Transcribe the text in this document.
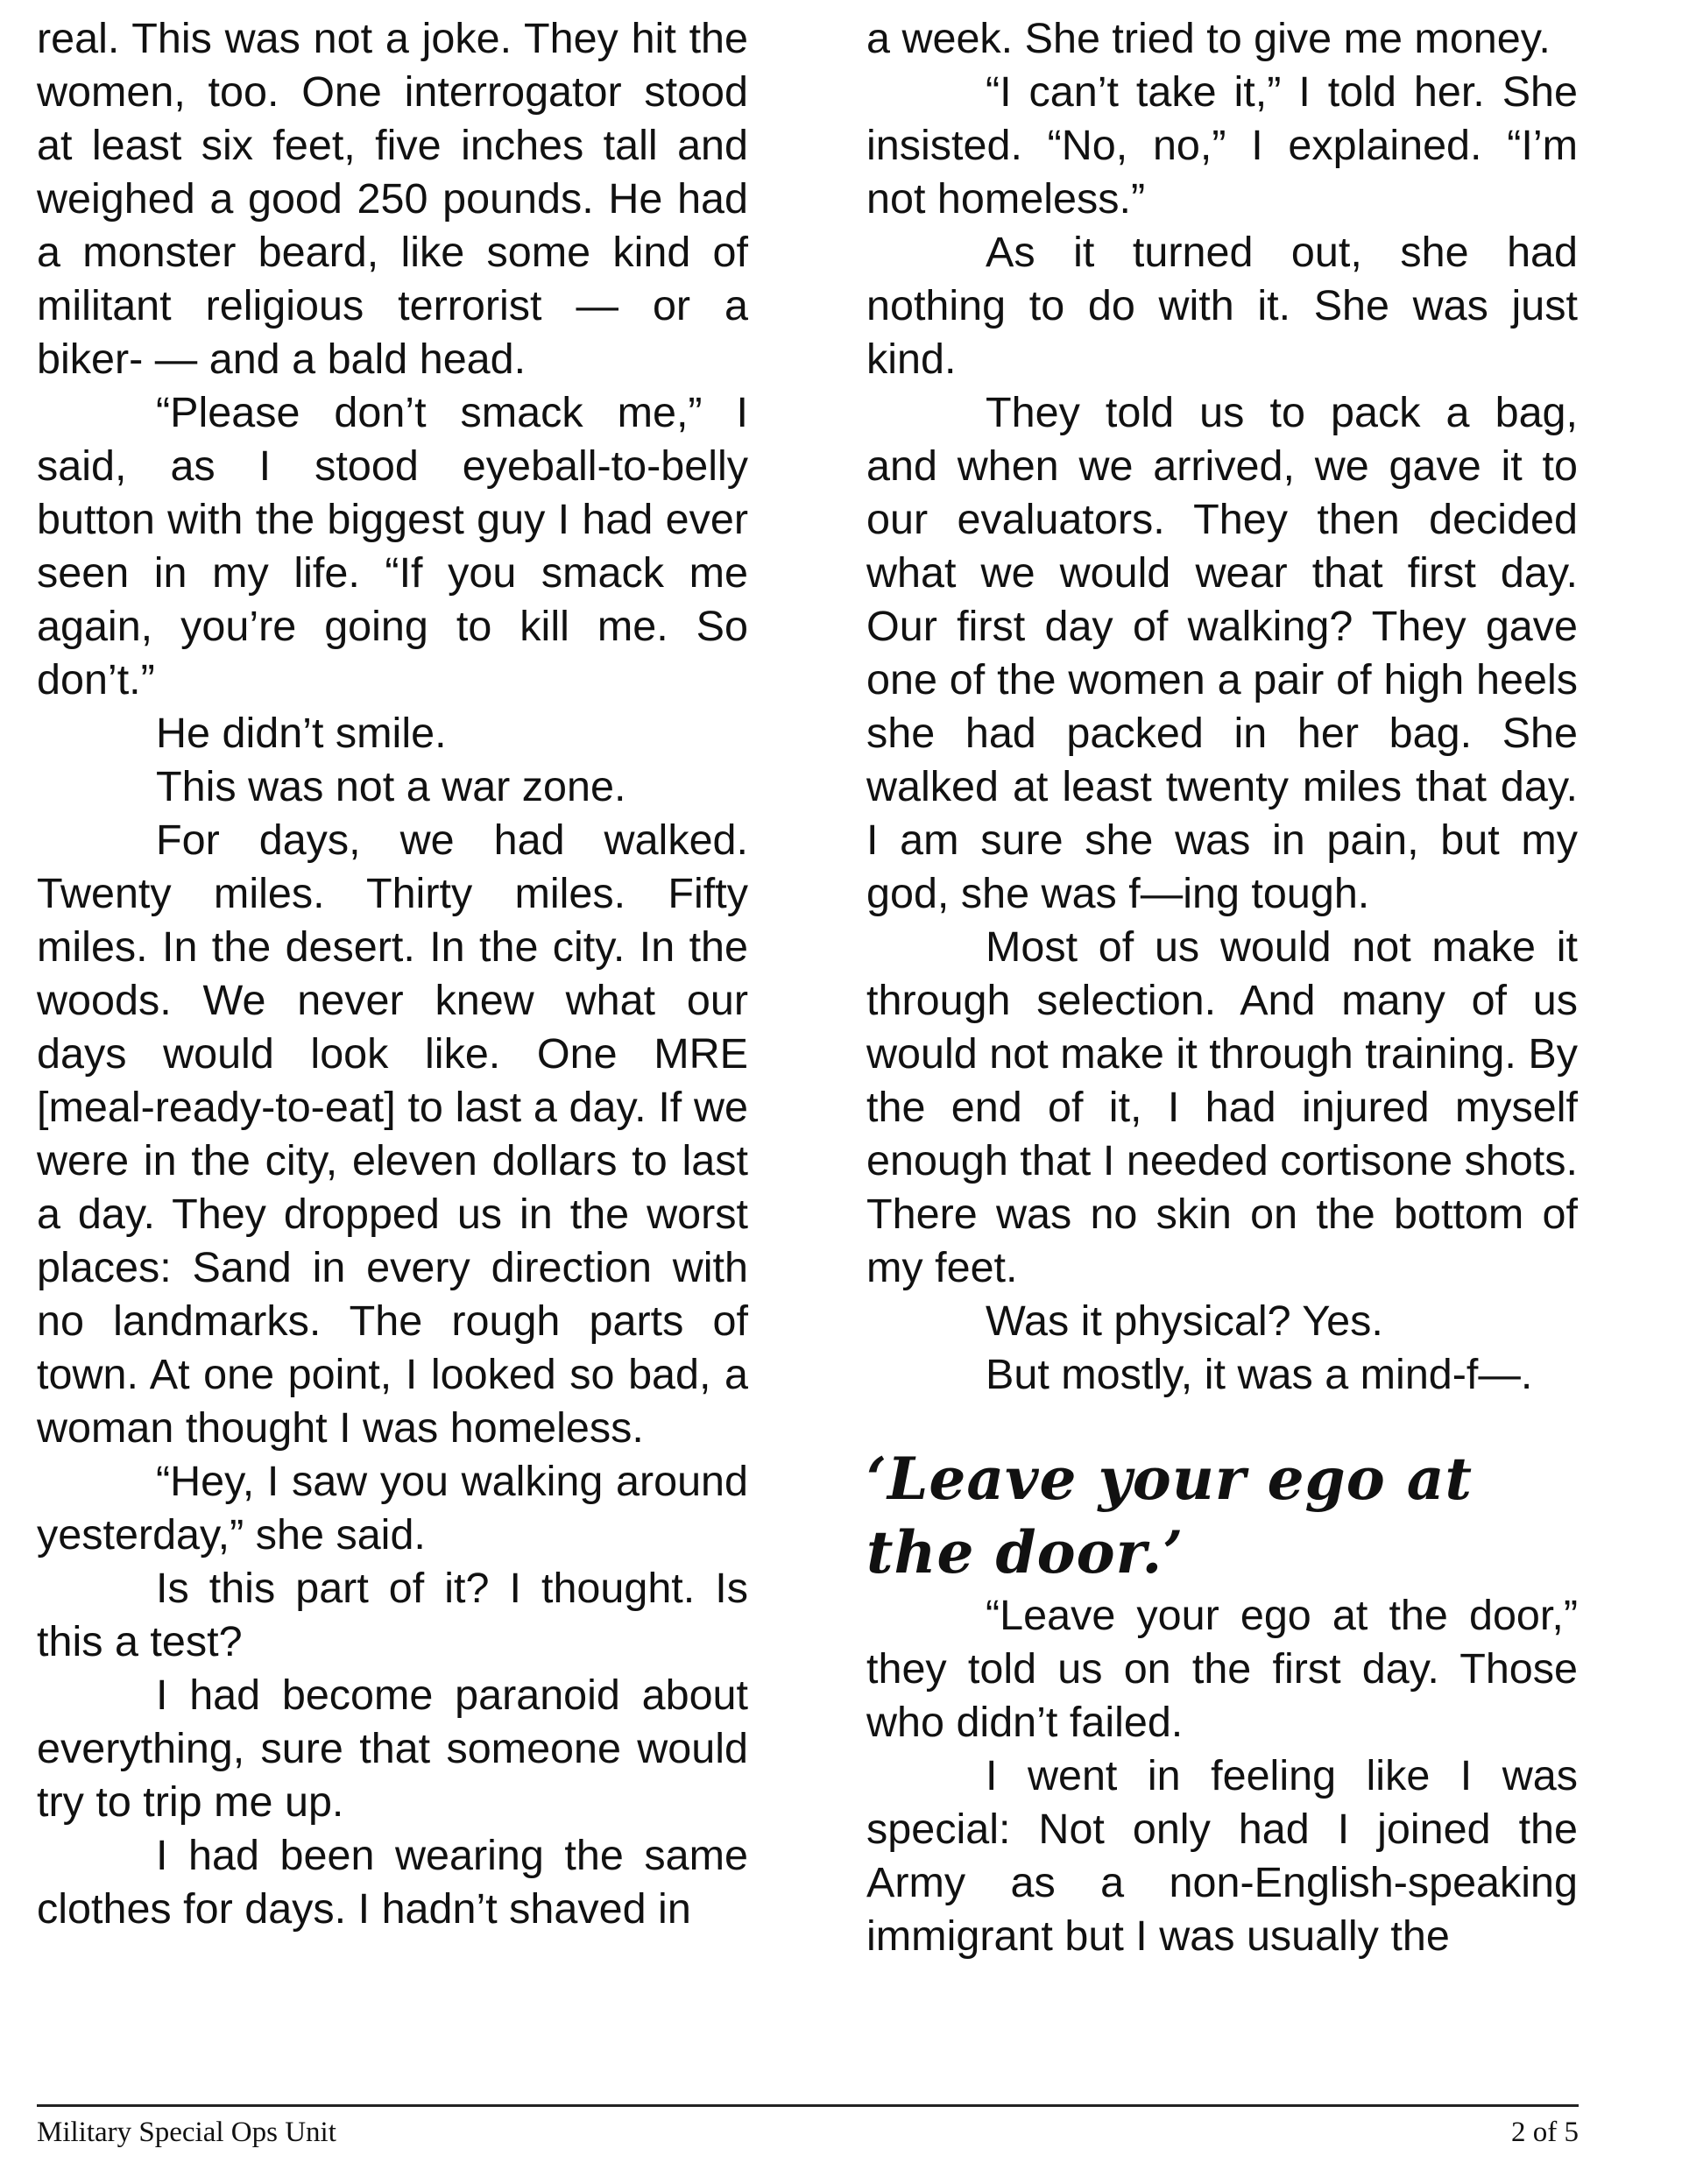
real. This was not a joke. They hit the women, too. One interrogator stood at least six feet, five inches tall and weighed a good 250 pounds. He had a monster beard, like some kind of militant religious terrorist — or a biker- — and a bald head.

“Please don’t smack me,” I said, as I stood eyeball-to-belly button with the biggest guy I had ever seen in my life. “If you smack me again, you’re going to kill me. So don’t.”

He didn’t smile.

This was not a war zone.

For days, we had walked. Twenty miles. Thirty miles. Fifty miles. In the desert. In the city. In the woods. We never knew what our days would look like. One MRE [meal-ready-to-eat] to last a day. If we were in the city, eleven dollars to last a day. They dropped us in the worst places: Sand in every direction with no landmarks. The rough parts of town. At one point, I looked so bad, a woman thought I was homeless.

“Hey, I saw you walking around yesterday,” she said.

Is this part of it? I thought. Is this a test?

I had become paranoid about everything, sure that someone would try to trip me up.

I had been wearing the same clothes for days. I hadn’t shaved in

a week. She tried to give me money.

“I can’t take it,” I told her. She insisted. “No, no,” I explained. “I’m not homeless.”

As it turned out, she had nothing to do with it. She was just kind.

They told us to pack a bag, and when we arrived, we gave it to our evaluators. They then decided what we would wear that first day. Our first day of walking? They gave one of the women a pair of high heels she had packed in her bag. She walked at least twenty miles that day. I am sure she was in pain, but my god, she was f—ing tough.

Most of us would not make it through selection. And many of us would not make it through training. By the end of it, I had injured myself enough that I needed cortisone shots. There was no skin on the bottom of my feet.

Was it physical? Yes.

But mostly, it was a mind-f—.

‘Leave your ego at the door.’

“Leave your ego at the door,” they told us on the first day. Those who didn’t failed.

I went in feeling like I was special: Not only had I joined the Army as a non-English-speaking immigrant but I was usually the

Military Special Ops Unit	2 of 5
